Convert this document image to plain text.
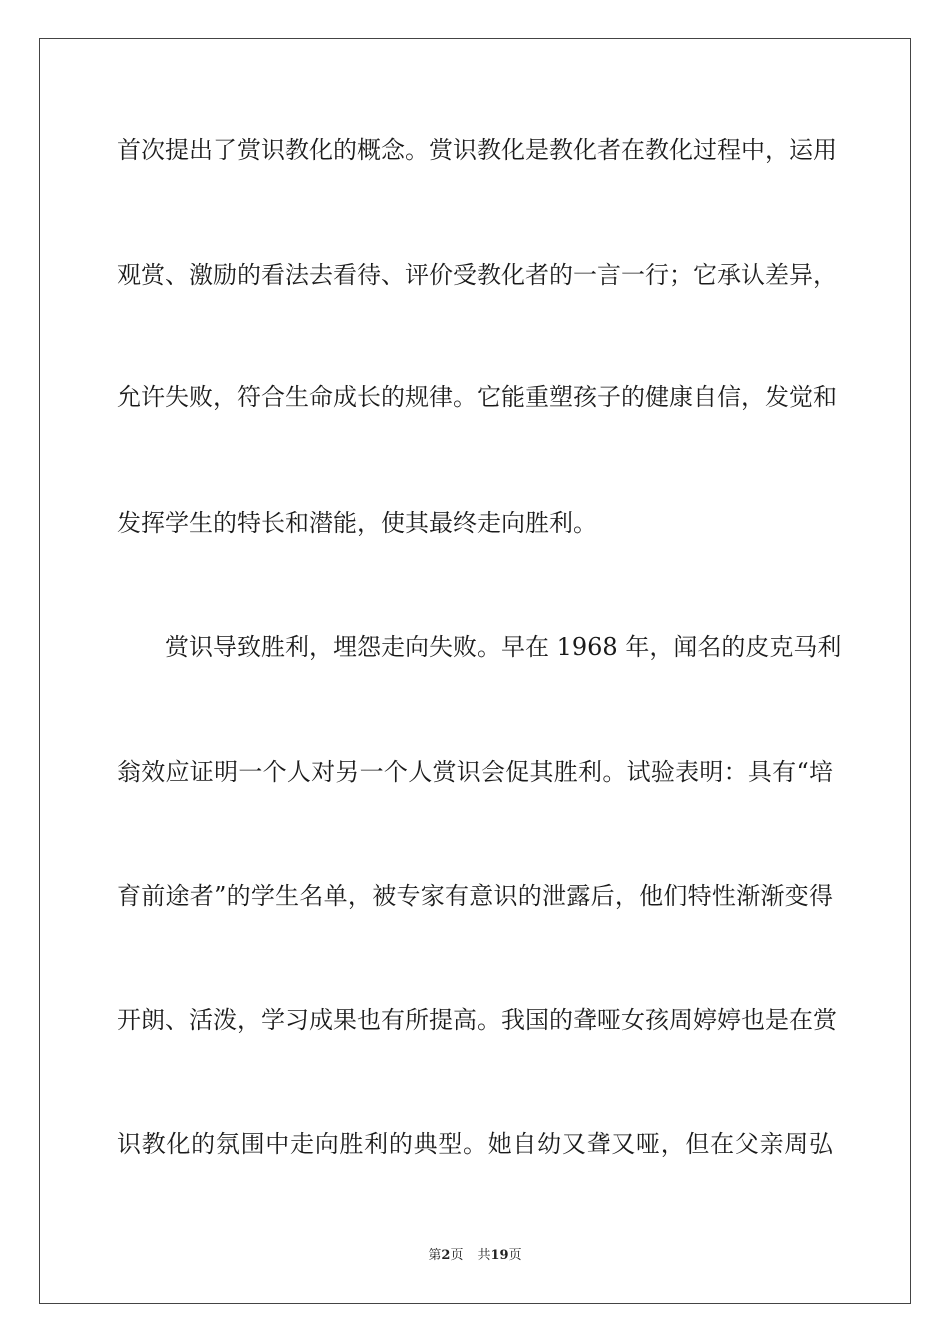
首次提出了赏识教化的概念。赏识教化是教化者在教化过程中，运用
观赏、激励的看法去看待、评价受教化者的一言一行；它承认差异，
允许失败，符合生命成长的规律。它能重塑孩子的健康自信，发觉和
发挥学生的特长和潜能，使其最终走向胜利。
赏识导致胜利，埋怨走向失败。早在 1968 年，闻名的皮克马利
翁效应证明一个人对另一个人赏识会促其胜利。试验表明：具有“培
育前途者”的学生名单，被专家有意识的泄露后，他们特性渐渐变得
开朗、活泼，学习成果也有所提高。我国的聋哑女孩周婷婷也是在赏
识教化的氛围中走向胜利的典型。她自幼又聋又哑，但在父亲周弘
第2页 共19页
